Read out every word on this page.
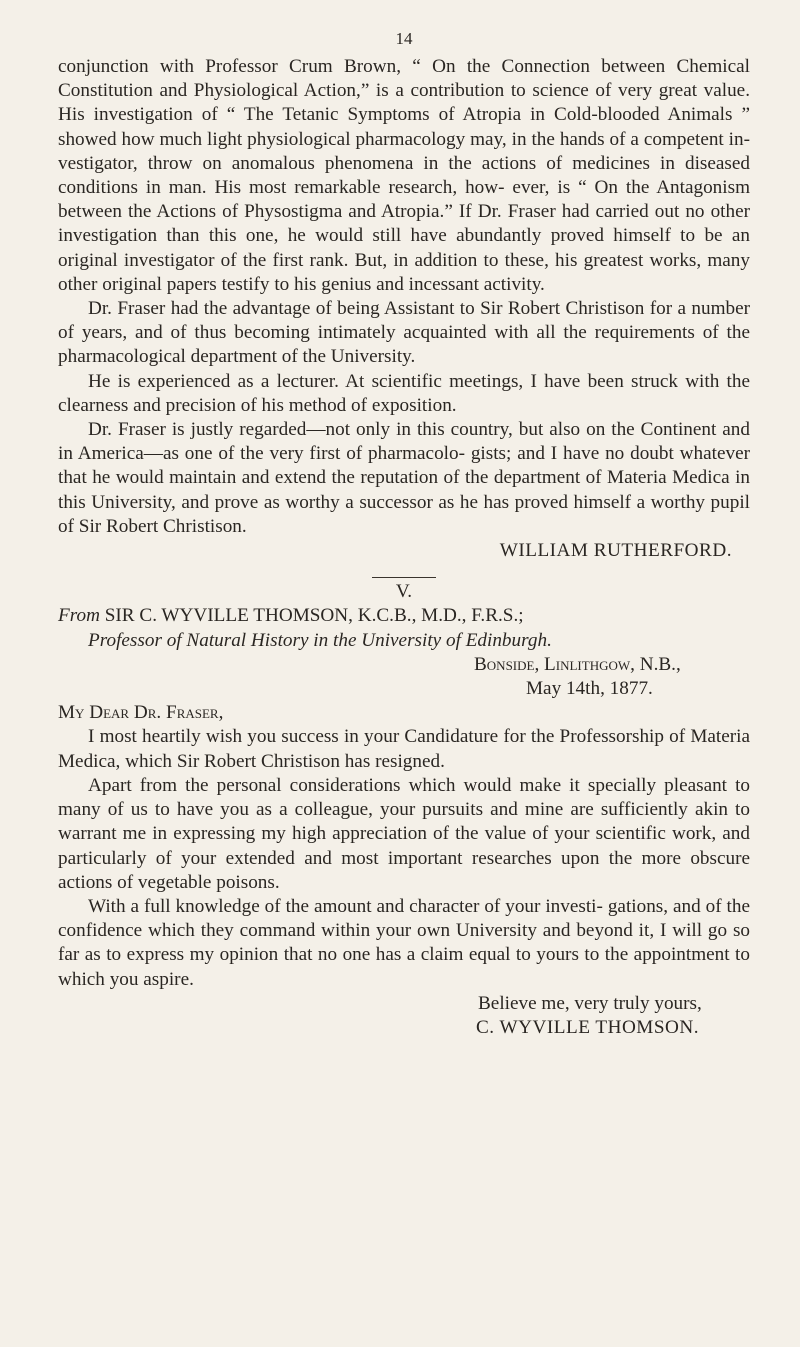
14

conjunction with Professor Crum Brown, “ On the Connection between Chemical Constitution and Physiological Action,” is a contribution to science of very great value. His investigation of “ The Tetanic Symptoms of Atropia in Cold-blooded Animals ” showed how much light physiological pharmacology may, in the hands of a competent in- vestigator, throw on anomalous phenomena in the actions of medicines in diseased conditions in man. His most remarkable research, how- ever, is “ On the Antagonism between the Actions of Physostigma and Atropia.” If Dr. Fraser had carried out no other investigation than this one, he would still have abundantly proved himself to be an original investigator of the first rank. But, in addition to these, his greatest works, many other original papers testify to his genius and incessant activity.

Dr. Fraser had the advantage of being Assistant to Sir Robert Christison for a number of years, and of thus becoming intimately acquainted with all the requirements of the pharmacological department of the University.

He is experienced as a lecturer. At scientific meetings, I have been struck with the clearness and precision of his method of exposition.

Dr. Fraser is justly regarded—not only in this country, but also on the Continent and in America—as one of the very first of pharmacolo- gists; and I have no doubt whatever that he would maintain and extend the reputation of the department of Materia Medica in this University, and prove as worthy a successor as he has proved himself a worthy pupil of Sir Robert Christison.

WILLIAM RUTHERFORD.

V.

From SIR C. WYVILLE THOMSON, K.C.B., M.D., F.R.S.;

Professor of Natural History in the University of Edinburgh.

Bonside, Linlithgow, N.B.,
May 14th, 1877.

My Dear Dr. Fraser,

I most heartily wish you success in your Candidature for the Professorship of Materia Medica, which Sir Robert Christison has resigned.

Apart from the personal considerations which would make it specially pleasant to many of us to have you as a colleague, your pursuits and mine are sufficiently akin to warrant me in expressing my high appreciation of the value of your scientific work, and particularly of your extended and most important researches upon the more obscure actions of vegetable poisons.

With a full knowledge of the amount and character of your investi- gations, and of the confidence which they command within your own University and beyond it, I will go so far as to express my opinion that no one has a claim equal to yours to the appointment to which you aspire.

Believe me, very truly yours,

C. WYVILLE THOMSON.
